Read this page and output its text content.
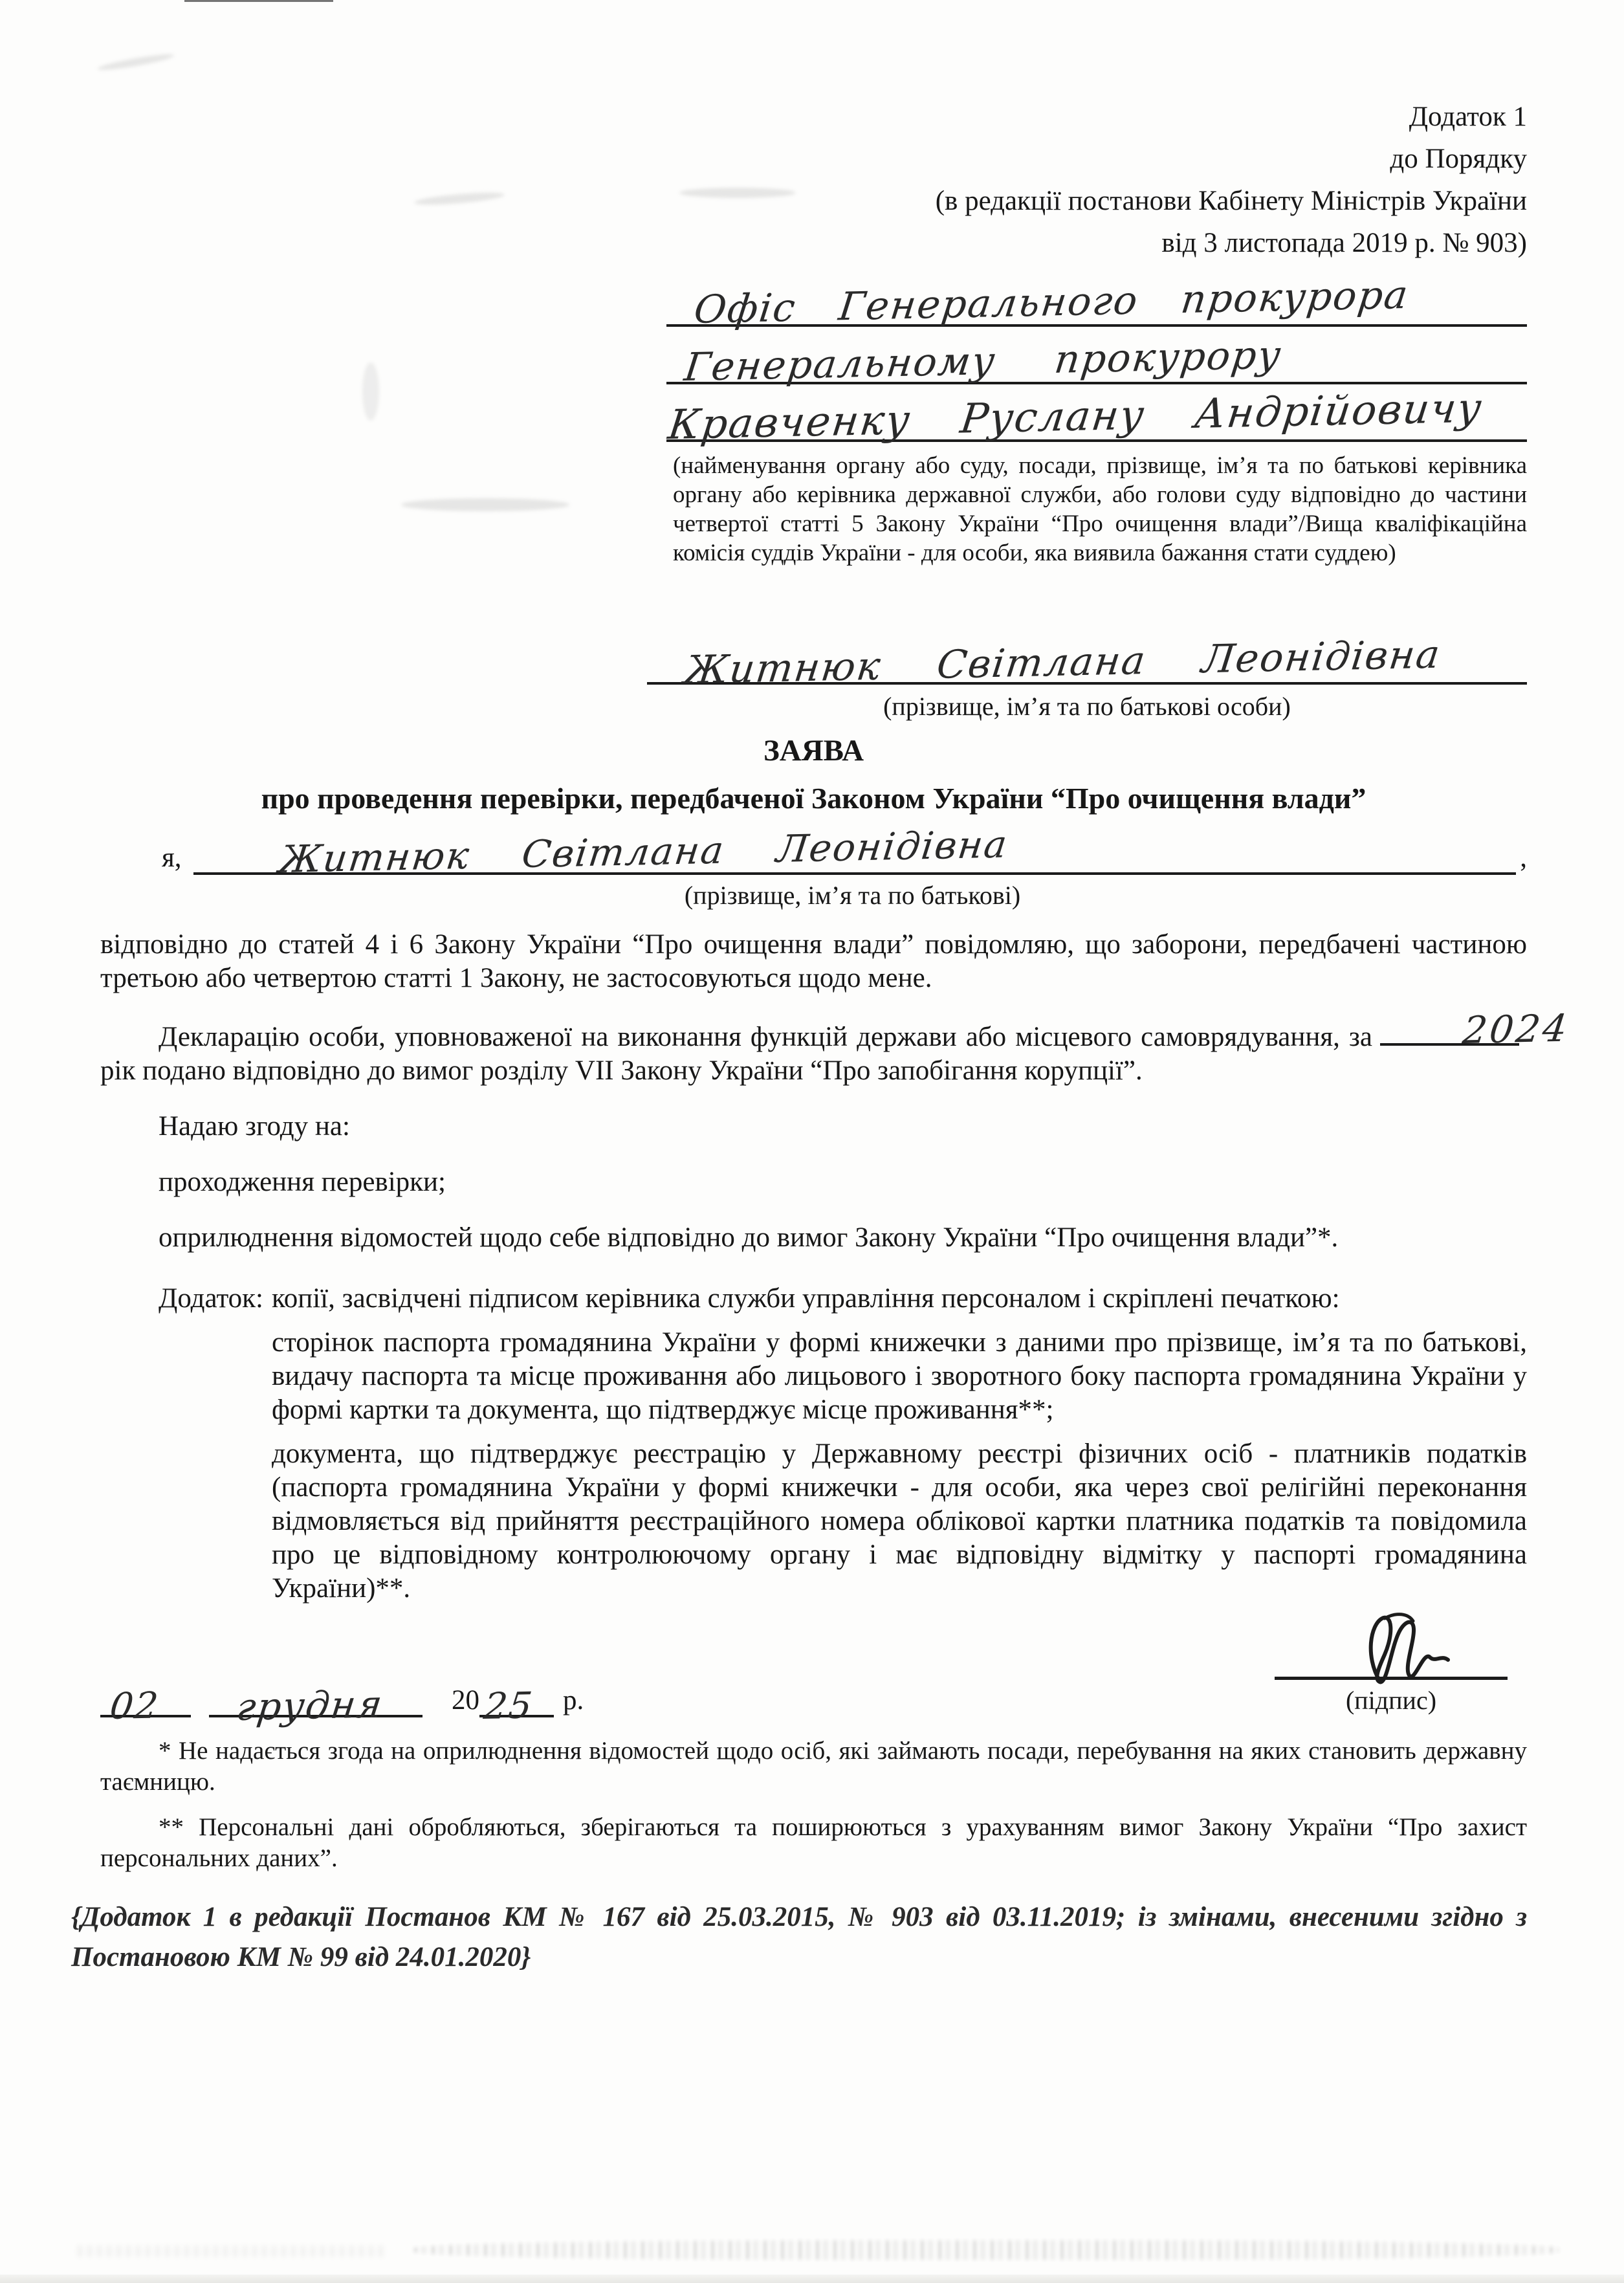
Додаток 1
до Порядку
(в редакції постанови Кабінету Міністрів України
від 3 листопада 2019 р. № 903)
Офіс Генерального прокурора
Генеральному прокурору
Кравченку Руслану Андрійовичу
(найменування органу або суду, посади, прізвище, ім’я та по батькові керівника органу або керівника державної служби, або голови суду відповідно до частини четвертої статті 5 Закону України “Про очищення влади”/Вища кваліфікаційна комісія суддів України - для особи, яка виявила бажання стати суддею)
Житнюк Світлана Леонідівна
(прізвище, ім’я та по батькові особи)
ЗАЯВА
про проведення перевірки, передбаченої Законом України “Про очищення влади”
я,	Житнюк Світлана Леонідівна	,
(прізвище, ім’я та по батькові)

відповідно до статей 4 і 6 Закону України “Про очищення влади” повідомляю, що заборони, передбачені частиною третьою або четвертою статті 1 Закону, не застосовуються щодо мене.

Декларацію особи, уповноваженої на виконання функцій держави або місцевого самоврядування, за	2024
рік подано відповідно до вимог розділу VII Закону України “Про запобігання корупції”.

Надаю згоду на:

проходження перевірки;

оприлюднення відомостей щодо себе відповідно до вимог Закону України “Про очищення влади”*.

Додаток: копії, засвідчені підписом керівника служби управління персоналом і скріплені печаткою:

сторінок паспорта громадянина України у формі книжечки з даними про прізвище, ім’я та по батькові, видачу паспорта та місце проживання або лицьового і зворотного боку паспорта громадянина України у формі картки та документа, що підтверджує місце проживання**;

документа, що підтверджує реєстрацію у Державному реєстрі фізичних осіб - платників податків (паспорта громадянина України у формі книжечки - для особи, яка через свої релігійні переконання відмовляється від прийняття реєстраційного номера облікової картки платника податків та повідомила про це відповідному контролюючому органу і має відповідну відмітку у паспорті громадянина України)**.

02 грудня 20 25 р.	(підпис)

* Не надається згода на оприлюднення відомостей щодо осіб, які займають посади, перебування на яких становить державну таємницю.

** Персональні дані обробляються, зберігаються та поширюються з урахуванням вимог Закону України “Про захист персональних даних”.

{Додаток 1 в редакції Постанов КМ № 167 від 25.03.2015, № 903 від 03.11.2019; із змінами, внесеними згідно з Постановою КМ № 99 від 24.01.2020}
